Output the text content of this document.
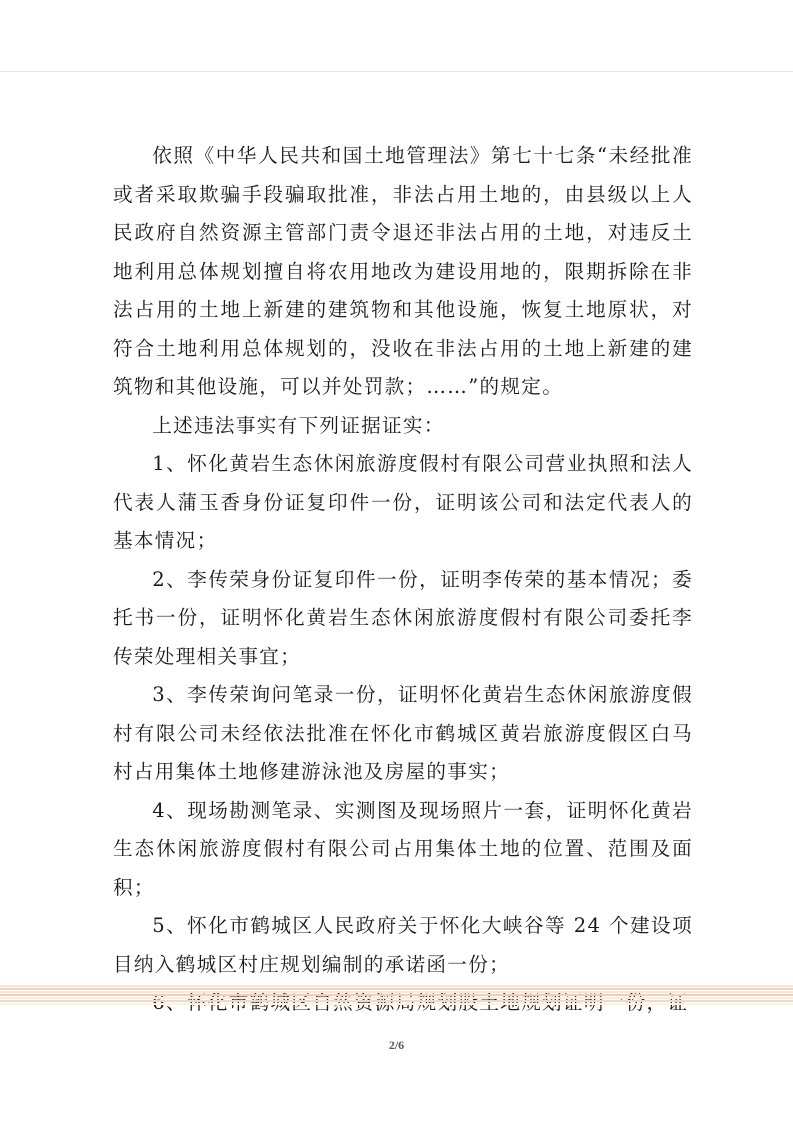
依照《中华人民共和国土地管理法》第七十七条“未经批准或者采取欺骗手段骗取批准，非法占用土地的，由县级以上人民政府自然资源主管部门责令退还非法占用的土地，对违反土地利用总体规划擅自将农用地改为建设用地的，限期拆除在非法占用的土地上新建的建筑物和其他设施，恢复土地原状，对符合土地利用总体规划的，没收在非法占用的土地上新建的建筑物和其他设施，可以并处罚款；……”的规定。

上述违法事实有下列证据证实：

1、怀化黄岩生态休闲旅游度假村有限公司营业执照和法人代表人蒲玉香身份证复印件一份，证明该公司和法定代表人的基本情况；

2、李传荣身份证复印件一份，证明李传荣的基本情况；委托书一份，证明怀化黄岩生态休闲旅游度假村有限公司委托李传荣处理相关事宜；

3、李传荣询问笔录一份，证明怀化黄岩生态休闲旅游度假村有限公司未经依法批准在怀化市鹤城区黄岩旅游度假区白马村占用集体土地修建游泳池及房屋的事实；

4、现场勘测笔录、实测图及现场照片一套，证明怀化黄岩生态休闲旅游度假村有限公司占用集体土地的位置、范围及面积；

5、怀化市鹤城区人民政府关于怀化大峡谷等 24 个建设项目纳入鹤城区村庄规划编制的承诺函一份；

2/6
